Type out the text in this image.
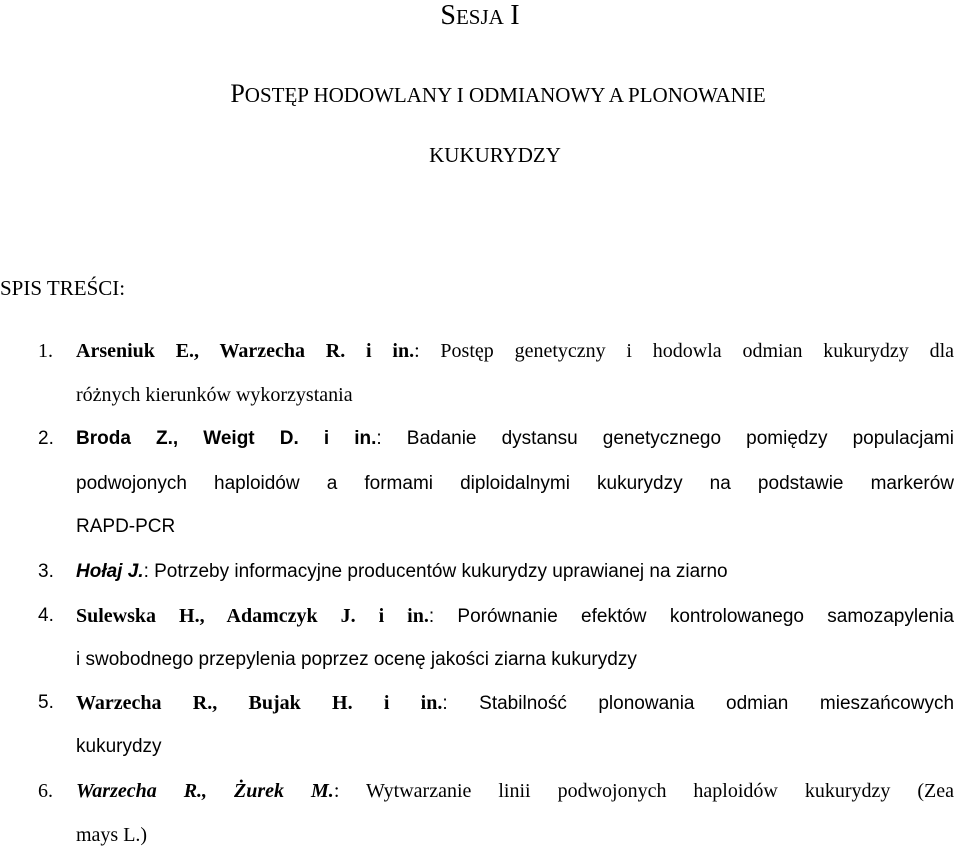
SESJA I
POSTĘP HODOWLANY I ODMIANOWY A PLONOWANIE
KUKURYDZY
SPIS TREŚCI:
1. Arseniuk E., Warzecha R. i in.: Postęp genetyczny i hodowla odmian kukurydzy dla
różnych kierunków wykorzystania
2. Broda Z., Weigt D. i in.: Badanie dystansu genetycznego pomiędzy populacjami
podwojonych haploidów a formami diploidalnymi kukurydzy na podstawie markerów
RAPD-PCR
3. Hołaj J.: Potrzeby informacyjne producentów kukurydzy uprawianej na ziarno
4. Sulewska H., Adamczyk J. i in.: Porównanie efektów kontrolowanego samozapylenia
i swobodnego przepylenia poprzez ocenę jakości ziarna kukurydzy
5. Warzecha R., Bujak H. i in.: Stabilność plonowania odmian mieszańcowych
kukurydzy
6. Warzecha R., Żurek M.: Wytwarzanie linii podwojonych haploidów kukurydzy (Zea
mays L.)
